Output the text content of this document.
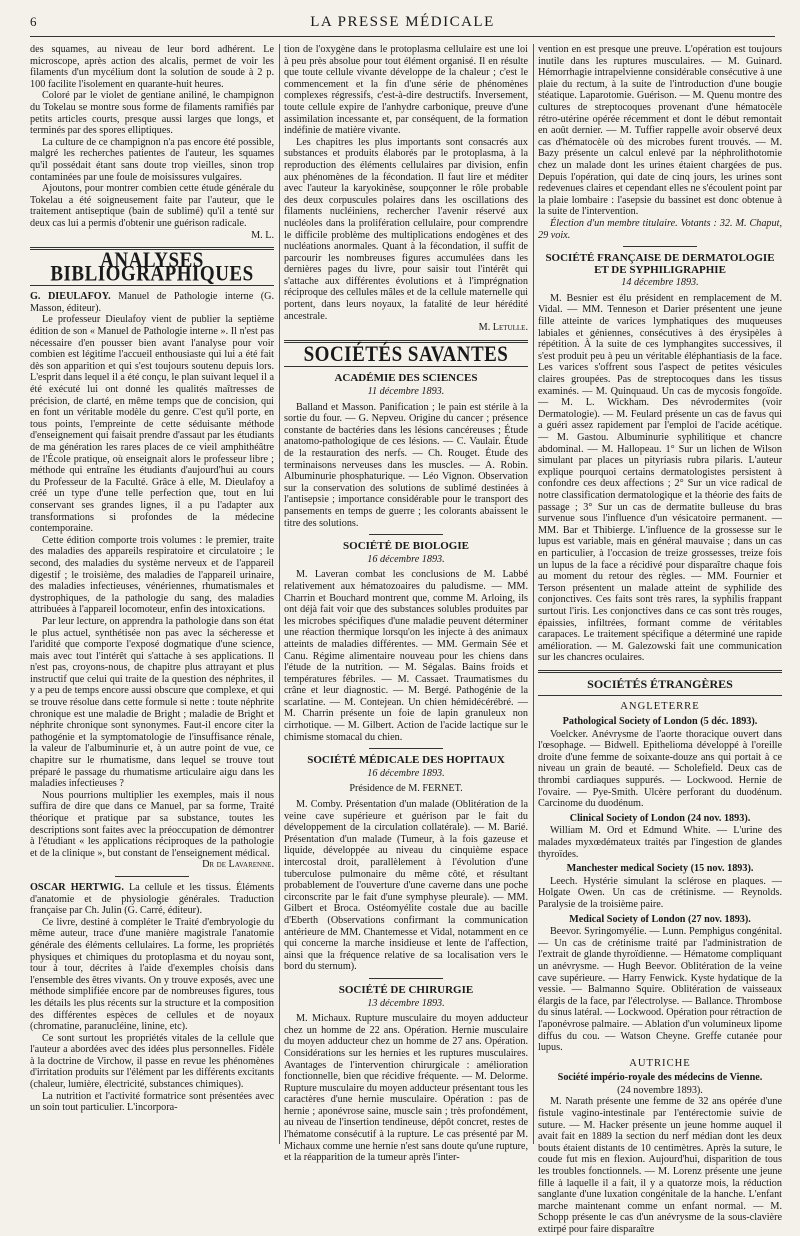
6	LA PRESSE MÉDICALE

des squames, au niveau de leur bord adhérent. Le microscope, après action des alcalis, permet de voir les filaments d'un mycélium dont la solution de soude à 2 p. 100 facilite l'isolement en quarante-huit heures.

Coloré par le violet de gentiane aniliné, le champignon du Tokelau se montre sous forme de filaments ramifiés par petits articles courts, presque aussi larges que longs, et terminés par des spores elliptiques.

La culture de ce champignon n'a pas encore été possible, malgré les recherches patientes de l'auteur, les squames qu'il possédait étant sans doute trop vieilles, sinon trop contaminées par une foule de moisissures vulgaires.

Ajoutons, pour montrer combien cette étude générale du Tokelau a été soigneusement faite par l'auteur, que le traitement antiseptique (bain de sublimé) qu'il a tenté sur deux cas lui a permis d'obtenir une guérison radicale.

M. L.
ANALYSES BIBLIOGRAPHIQUES

G. DIEULAFOY. Manuel de Pathologie interne (G. Masson, éditeur).

Le professeur Dieulafoy vient de publier la septième édition de son « Manuel de Pathologie interne ». Il n'est pas nécessaire d'en pousser bien avant l'analyse pour voir combien est légitime l'accueil enthousiaste qui lui a été fait dès son apparition et qui s'est toujours soutenu depuis lors. L'esprit dans lequel il a été conçu, le plan suivant lequel il a été exécuté lui ont donné les qualités maîtresses de précision, de clarté, en même temps que de concision, qui en font un véritable modèle du genre. C'est qu'il porte, en tous points, l'empreinte de cette séduisante méthode d'enseignement qui faisait prendre d'assaut par les étudiants de ma génération les rares places de ce vieil amphithéâtre de l'École pratique, où enseignait alors le professeur libre ; méthode qui entraîne les étudiants d'aujourd'hui au cours du Professeur de la Faculté. Grâce à elle, M. Dieulafoy a créé un type d'une telle perfection que, tout en lui conservant ses grandes lignes, il a pu l'adapter aux transformations si profondes de la médecine contemporaine.

Cette édition comporte trois volumes : le premier, traite des maladies des appareils respiratoire et circulatoire ; le second, des maladies du système nerveux et de l'appareil digestif ; le troisième, des maladies de l'appareil urinaire, des maladies infectieuses, vénériennes, rhumatismales et dystrophiques, de la pathologie du sang, des maladies attribuées à l'appareil locomoteur, enfin des intoxications.

Par leur lecture, on apprendra la pathologie dans son état le plus actuel, synthétisée non pas avec la sécheresse et l'aridité que comporte l'exposé dogmatique d'une science, mais avec tout l'intérêt qui s'attache à ses applications. Il n'est pas, croyons-nous, de chapitre plus attrayant et plus instructif que celui qui traite de la question des néphrites, il y a peu de temps encore aussi obscure que complexe, et qui se trouve résolue dans cette formule si nette : toute néphrite chronique est une maladie de Bright ; maladie de Bright et néphrite chronique sont synonymes. Faut-il encore citer la pathogénie et la symptomatologie de l'insuffisance rénale, la valeur de l'albuminurie et, à un autre point de vue, ce chapitre sur le rhumatisme, dans lequel se trouve tout préparé le passage du rhumatisme articulaire aigu dans les maladies infectieuses ?

Nous pourrions multiplier les exemples, mais il nous suffira de dire que dans ce Manuel, par sa forme, Traité théorique et pratique par sa substance, toutes les descriptions sont faites avec la préoccupation de démontrer à l'étudiant « les applications réciproques de la pathologie et de la clinique », but constant de l'enseignement médical.

Dr de Lavarenne.

OSCAR HERTWIG. La cellule et les tissus. Éléments d'anatomie et de physiologie générales. Traduction française par Ch. Julin (G. Carré, éditeur).

Ce livre, destiné à compléter le Traité d'embryologie du même auteur, trace d'une manière magistrale l'anatomie générale des éléments cellulaires. La forme, les propriétés physiques et chimiques du protoplasma et du noyau sont, tour à tour, décrites à l'aide d'exemples choisis dans l'ensemble des êtres vivants. On y trouve exposés, avec une méthode simplifiée encore par de nombreuses figures, tous les détails les plus récents sur la structure et la composition des différentes espèces de cellules et de noyaux (chromatine, paranucléine, linine, etc).

Ce sont surtout les propriétés vitales de la cellule que l'auteur a abordées avec des idées plus personnelles. Fidèle à la doctrine de Virchow, il passe en revue les phénomènes d'irritation produits sur l'élément par les différents excitants (chaleur, lumière, électricité, substances chimiques).

La nutrition et l'activité formatrice sont présentées avec un soin tout particulier. L'incorpora-

tion de l'oxygène dans le protoplasma cellulaire est une loi à peu près absolue pour tout élément organisé. Il en résulte que toute cellule vivante développe de la chaleur ; c'est le commencement et la fin d'une série de phénomènes complexes régressifs, c'est-à-dire destructifs. Inversement, toute cellule expire de l'anhydre carbonique, preuve d'une assimilation incessante et, par conséquent, de la formation indéfinie de matière vivante.

Les chapitres les plus importants sont consacrés aux substances et produits élaborés par le protoplasma, à la reproduction des éléments cellulaires par division, enfin aux phénomènes de la fécondation. Il faut lire et méditer avec l'auteur la karyokinèse, soupçonner le rôle probable des deux corpuscules polaires dans les oscillations des filaments nucléiniens, rechercher l'avenir réservé aux nucléoles dans la prolifération cellulaire, pour comprendre le difficile problème des multiplications endogènes et des nucléations anormales. Quant à la fécondation, il suffit de parcourir les nombreuses figures accumulées dans les dernières pages du livre, pour saisir tout l'intérêt qui s'attache aux différentes évolutions et à l'imprégnation réciproque des cellules mâles et de la cellule maternelle qui portent, dans leurs noyaux, la fatalité de leur hérédité ancestrale.

M. Letulle.
SOCIÉTÉS SAVANTES
ACADÉMIE DES SCIENCES
11 décembre 1893.

Balland et Masson. Panification ; le pain est stérile à la sortie du four. — G. Nepveu. Origine du cancer ; présence constante de bactéries dans les lésions cancéreuses ; Étude anatomo-pathologique de ces lésions. — C. Vaulair. Étude de la restauration des nerfs. — Ch. Rouget. Étude des terminaisons nerveuses dans les muscles. — A. Robin. Albuminurie phosphaturique. — Léo Vignon. Observation sur la conservation des solutions de sublimé destinées à l'antisepsie ; importance considérable pour le transport des pansements en temps de guerre ; les colorants abaissent le titre des solutions.

SOCIÉTÉ DE BIOLOGIE
16 décembre 1893.

M. Laveran combat les conclusions de M. Labbé relativement aux hématozoaires du paludisme. — MM. Charrin et Bouchard montrent que, comme M. Arloing, ils ont déjà fait voir que des substances solubles produites par les microbes spécifiques d'une maladie peuvent déterminer une réaction thermique lorsqu'on les injecte à des animaux atteints de maladies différentes. — MM. Germain Sée et Canu. Régime alimentaire nouveau pour les chiens dans l'étude de la nutrition. — M. Ségalas. Bains froids et températures fébriles. — M. Cassaet. Traumatismes du crâne et leur diagnostic. — M. Bergé. Pathogénie de la scarlatine. — M. Contejean. Un chien hémidécérébré. — M. Charrin présente un foie de lapin granuleux non cirrhotique. — M. Gilbert. Action de l'acide lactique sur le chimisme stomacal du chien.

SOCIÉTÉ MÉDICALE DES HOPITAUX
16 décembre 1893.
Présidence de M. FERNET.

M. Comby. Présentation d'un malade (Oblitération de la veine cave supérieure et guérison par le fait du développement de la circulation collatérale). — M. Barié. Présentation d'un malade (Tumeur, à la fois gazeuse et liquide, développée au niveau du cinquième espace intercostal droit, parallèlement à l'évolution d'une tuberculose pulmonaire du même côté, et résultant probablement de l'ouverture d'une caverne dans une poche circonscrite par le fait d'une symphyse pleurale). — MM. Gilbert et Broca. Ostéomyélite costale due au bacille d'Eberth (Observations confirmant la communication antérieure de MM. Chantemesse et Vidal, notamment en ce qui concerne la marche insidieuse et lente de l'affection, ainsi que la fréquence relative de sa localisation vers le bord du sternum).

SOCIÉTÉ DE CHIRURGIE
13 décembre 1893.

M. Michaux. Rupture musculaire du moyen adducteur chez un homme de 22 ans. Opération. Hernie musculaire du moyen adducteur chez un homme de 27 ans. Opération. Considérations sur les hernies et les ruptures musculaires. Avantages de l'intervention chirurgicale : amélioration fonctionnelle, bien que récidive fréquente. — M. Delorme. Rupture musculaire du moyen adducteur présentant tous les caractères d'une hernie musculaire. Opération : pas de hernie ; aponévrose saine, muscle sain ; très profondément, au niveau de l'insertion tendineuse, dépôt concret, restes de l'hématome consécutif à la rupture. Le cas présenté par M. Michaux comme une hernie n'est sans doute qu'une rupture, et la réapparition de la tumeur après l'inter-

vention en est presque une preuve. L'opération est toujours inutile dans les ruptures musculaires. — M. Guinard. Hémorrhagie intrapelvienne considérable consécutive à une plaie du rectum, à la suite de l'introduction d'une bougie stéatique. Laparotomie. Guérison. — M. Quenu montre des cultures de streptocoques provenant d'une hématocèle rétro-utérine opérée récemment et dont le début remontait en août dernier. — M. Tuffier rappelle avoir observé deux cas d'hématocèle où des microbes furent trouvés. — M. Bazy présente un calcul enlevé par la néphrolithotomie chez un malade dont les urines étaient chargées de pus. Depuis l'opération, qui date de cinq jours, les urines sont redevenues claires et cependant elles ne s'écoulent point par la plaie lombaire : l'asepsie du bassinet est donc obtenue à la suite de l'intervention.

Élection d'un membre titulaire. Votants : 32. M. Chaput, 29 voix.

SOCIÉTÉ FRANÇAISE DE DERMATOLOGIE ET DE SYPHILIGRAPHIE
14 décembre 1893.

M. Besnier est élu président en remplacement de M. Vidal. — MM. Tenneson et Darier présentent une jeune fille atteinte de varices lymphatiques des muqueuses labiales et géniennes, consécutives à des érysipèles à répétition. À la suite de ces lymphangites successives, il s'est produit peu à peu un véritable éléphantiasis de la face. Les varices s'offrent sous l'aspect de petites vésicules claires groupées. Pas de streptocoques dans les tissus examinés. — M. Quinquaud. Un cas de mycosis fongoïde. — M. L. Wickham. Des névrodermites (voir Dermatologie). — M. Feulard présente un cas de favus qui a guéri assez rapidement par l'emploi de l'acide acétique. — M. Gastou. Albuminurie syphilitique et chancre abdominal. — M. Hallopeau. 1° Sur un lichen de Wilson simulant par places un pityriasis rubra pilaris. L'auteur explique pourquoi certains dermatologistes persistent à confondre ces deux affections ; 2° Sur un vice radical de notre classification dermatologique et la théorie des faits de passage ; 3° Sur un cas de dermatite bulleuse du bras survenue sous l'influence d'un vésicatoire permanent. — MM. Bar et Thibierge. L'influence de la grossesse sur le lupus est variable, mais en général mauvaise ; dans un cas en particulier, à l'occasion de treize grossesses, treize fois un lupus de la face a récidivé pour disparaître chaque fois au moment du retour des règles. — MM. Fournier et Terson présentent un malade atteint de syphilide des conjonctives. Ces faits sont très rares, la syphilis frappant surtout l'iris. Les conjonctives dans ce cas sont très rouges, épaissies, infiltrées, formant comme de véritables carapaces. Le traitement spécifique a déterminé une rapide amélioration. — M. Galezowski fait une communication sur les chancres oculaires.

SOCIÉTÉS ÉTRANGÈRES
ANGLETERRE
Pathological Society of London (5 déc. 1893).

Voelcker. Anévrysme de l'aorte thoracique ouvert dans l'œsophage. — Bidwell. Epithelioma développé à l'oreille droite d'une femme de soixante-douze ans qui portait à ce niveau un grain de beauté. — Scholefield. Deux cas de thrombi cardiaques suppurés. — Lockwood. Hernie de l'ovaire. — Pye-Smith. Ulcère perforant du duodénum. Carcinome du duodénum.

Clinical Society of London (24 nov. 1893).

William M. Ord et Edmund White. — L'urine des malades myxœdémateux traités par l'ingestion de glandes thyroïdes.

Manchester medical Society (15 nov. 1893).

Leech. Hystérie simulant la sclérose en plaques. — Holgate Owen. Un cas de crétinisme. — Reynolds. Paralysie de la troisième paire.

Medical Society of London (27 nov. 1893).

Beevor. Syringomyélie. — Lunn. Pemphigus congénital. — Un cas de crétinisme traité par l'administration de l'extrait de glande thyroïdienne. — Hématome compliquant un anévrysme. — Hugh Beevor. Oblitération de la veine cave supérieure. — Harry Fenwick. Kyste hydatique de la vessie. — Balmanno Squire. Oblitération de vaisseaux élargis de la face, par l'électrolyse. — Ballance. Thrombose du sinus latéral. — Lockwood. Opération pour rétraction de l'aponévrose palmaire. — Ablation d'un volumineux lipome diffus du cou. — Watson Cheyne. Greffe cutanée pour lupus.

AUTRICHE
Société império-royale des médecins de Vienne.
(24 novembre 1893).

M. Narath présente une femme de 32 ans opérée d'une fistule vagino-intestinale par l'entérectomie suivie de suture. — M. Hacker présente un jeune homme auquel il avait fait en 1889 la section du nerf médian dont les deux bouts étaient distants de 10 centimètres. Après la suture, le coude fut mis en flexion. Aujourd'hui, disparition de tous les troubles fonctionnels. — M. Lorenz présente une jeune fille à laquelle il a fait, il y a quatorze mois, la réduction sanglante d'une luxation congénitale de la hanche. L'enfant marche maintenant comme un enfant normal. — M. Schopp présente le cas d'un anévrysme de la sous-clavière extirpé pour faire disparaître
